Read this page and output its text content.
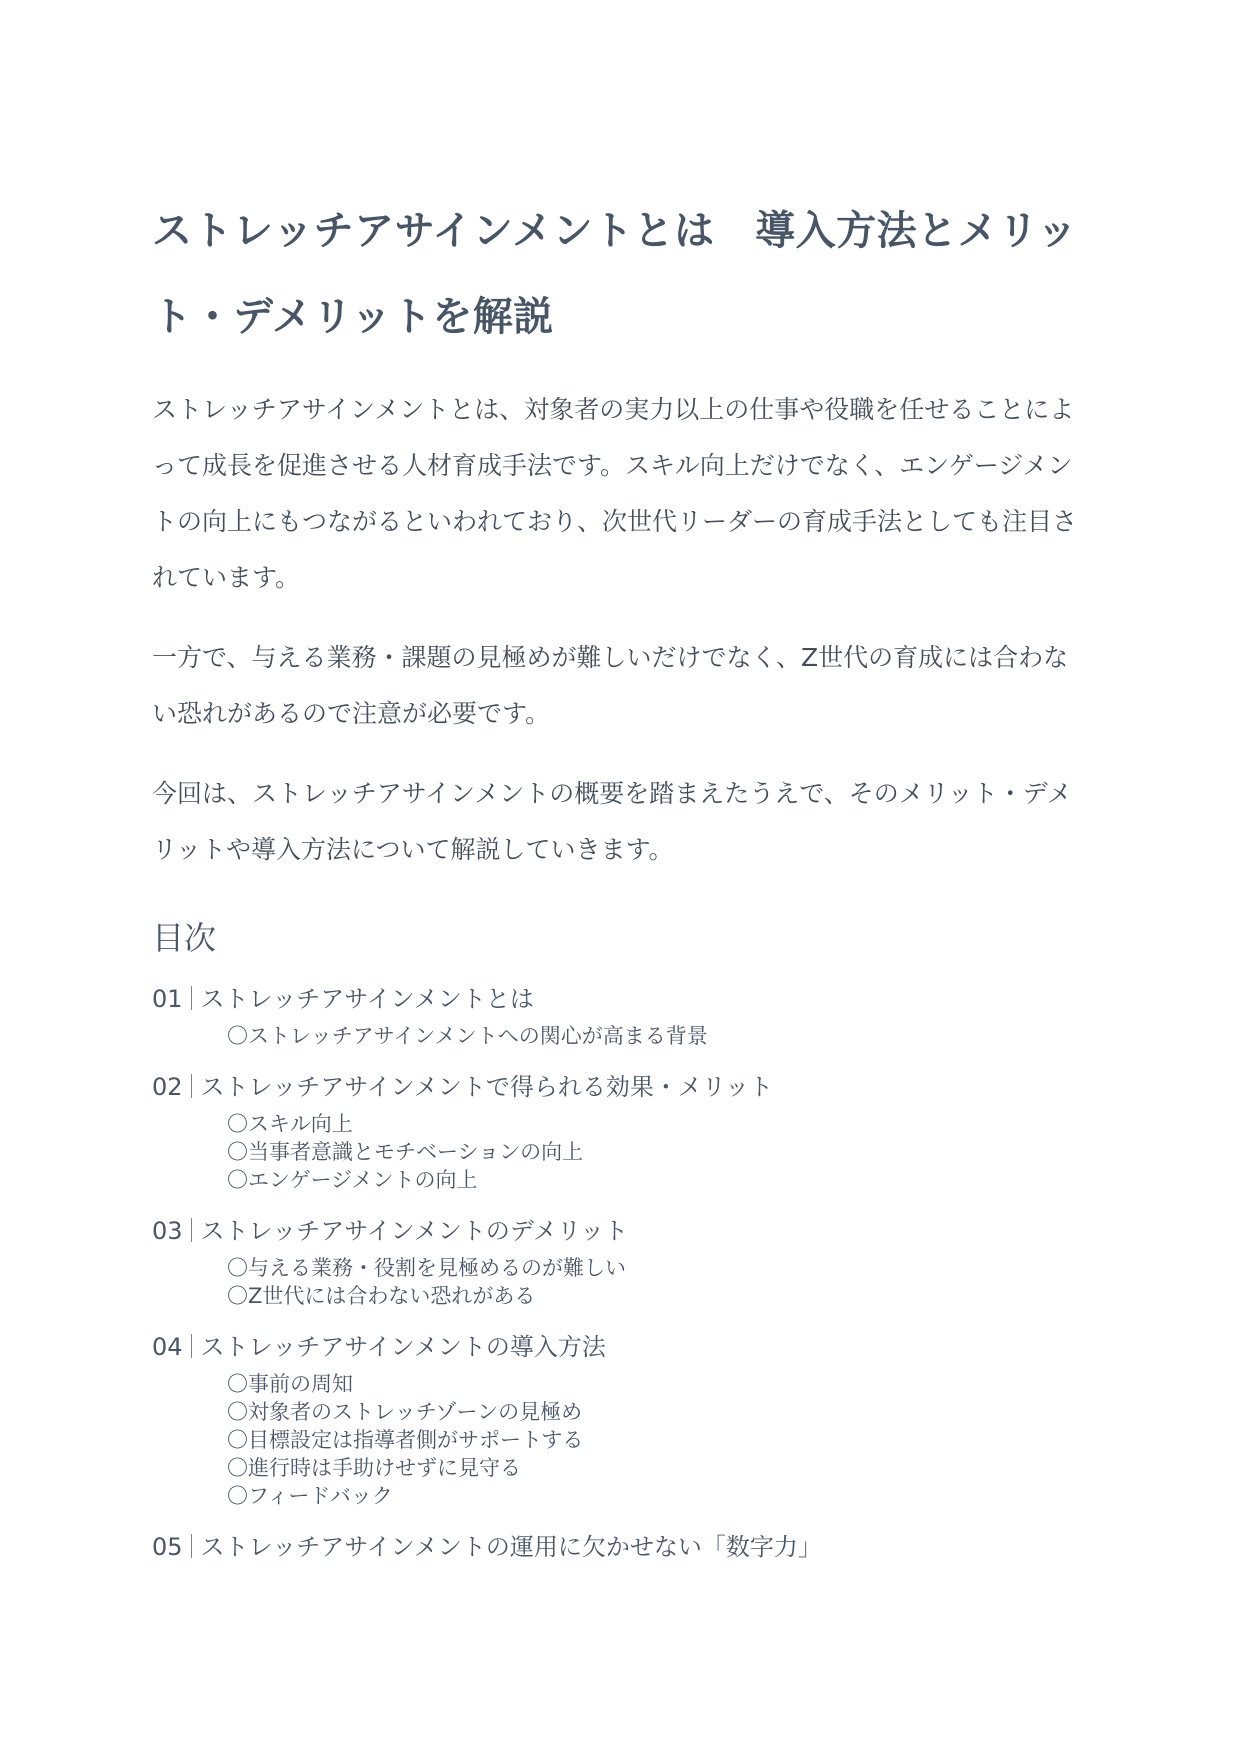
ストレッチアサインメントとは　導入方法とメリット・デメリットを解説

ストレッチアサインメントとは、対象者の実力以上の仕事や役職を任せることによって成長を促進させる人材育成手法です。スキル向上だけでなく、エンゲージメントの向上にもつながるといわれており、次世代リーダーの育成手法としても注目されています。

一方で、与える業務・課題の見極めが難しいだけでなく、Z世代の育成には合わない恐れがあるので注意が必要です。

今回は、ストレッチアサインメントの概要を踏まえたうえで、そのメリット・デメリットや導入方法について解説していきます。

目次
01 ストレッチアサインメントとは
〇ストレッチアサインメントへの関心が高まる背景
02 ストレッチアサインメントで得られる効果・メリット
〇スキル向上
〇当事者意識とモチベーションの向上
〇エンゲージメントの向上
03 ストレッチアサインメントのデメリット
〇与える業務・役割を見極めるのが難しい
〇Z世代には合わない恐れがある
04 ストレッチアサインメントの導入方法
〇事前の周知
〇対象者のストレッチゾーンの見極め
〇目標設定は指導者側がサポートする
〇進行時は手助けせずに見守る
〇フィードバック
05 ストレッチアサインメントの運用に欠かせない「数字力」
